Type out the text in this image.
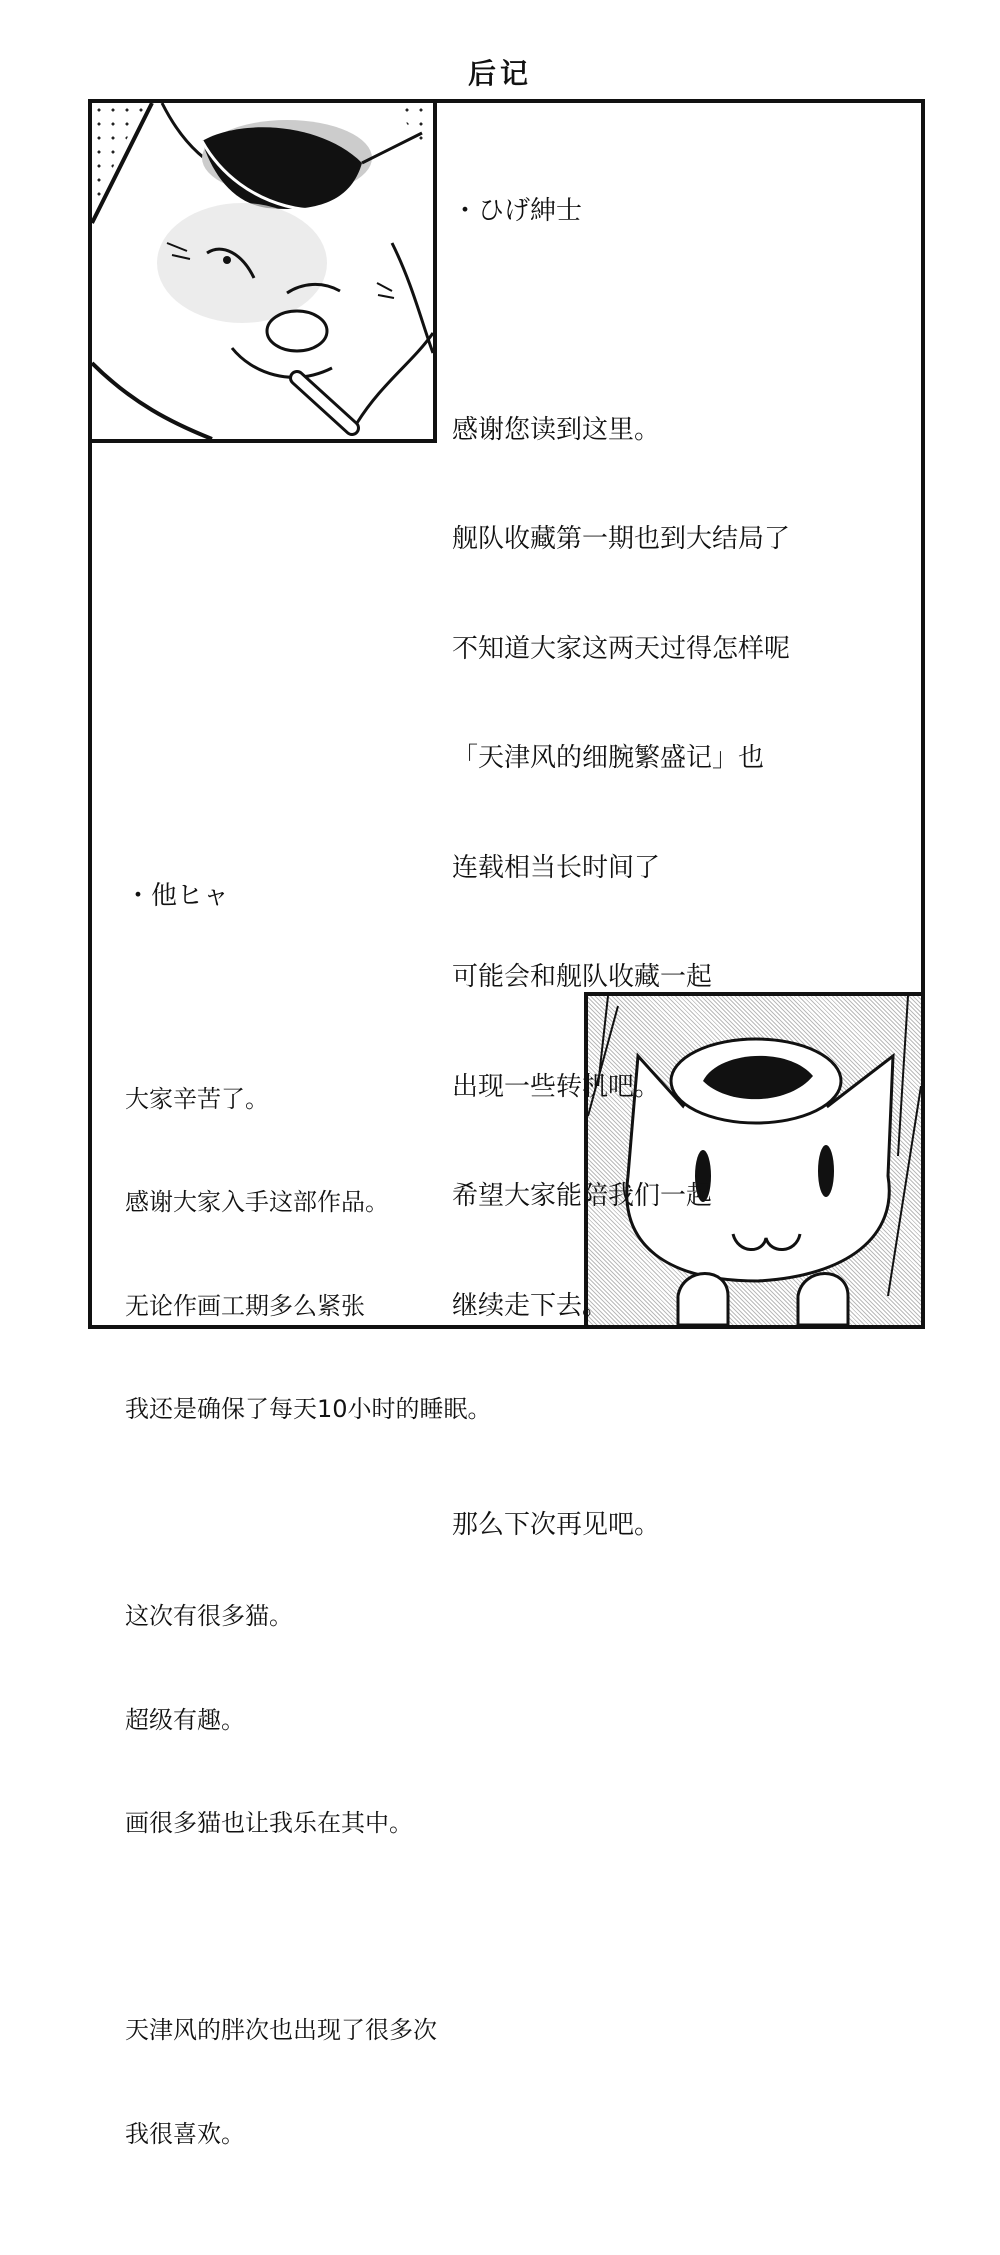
后记

・ひげ紳士

感谢您读到这里。

舰队收藏第一期也到大结局了

不知道大家这两天过得怎样呢

「天津风的细腕繁盛记」也

连载相当长时间了

可能会和舰队收藏一起

出现一些转机吧。

希望大家能陪我们一起

继续走下去。

那么下次再见吧。

・他ヒャ

大家辛苦了。

感谢大家入手这部作品。

无论作画工期多么紧张

我还是确保了每天10小时的睡眠。

这次有很多猫。

超级有趣。

画很多猫也让我乐在其中。

天津风的胖次也出现了很多次

我很喜欢。
